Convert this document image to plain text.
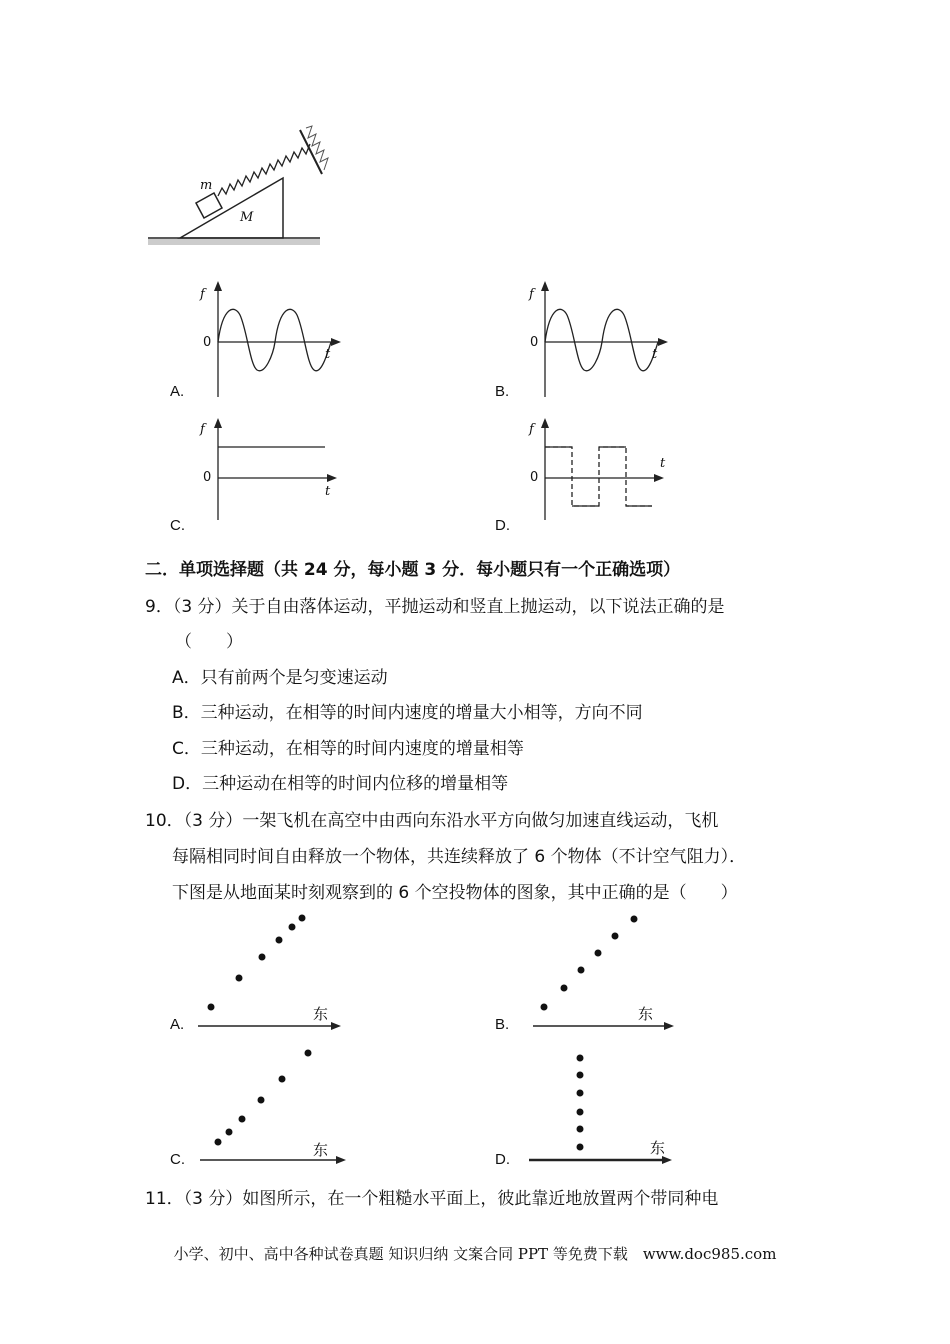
m
M
f
0
t
A.
f
0
t
B.
f
0
t
C.
f
0
t
D.
二．单项选择题（共 24 分，每小题 3 分．每小题只有一个正确选项）
9．（3 分）关于自由落体运动，平抛运动和竖直上抛运动，以下说法正确的是
（　　）
A．只有前两个是匀变速运动
B．三种运动，在相等的时间内速度的增量大小相等，方向不同
C．三种运动，在相等的时间内速度的增量相等
D．三种运动在相等的时间内位移的增量相等
10．（3 分）一架飞机在高空中由西向东沿水平方向做匀加速直线运动，飞机
每隔相同时间自由释放一个物体，共连续释放了 6 个物体（不计空气阻力）．
下图是从地面某时刻观察到的 6 个空投物体的图象，其中正确的是（　　）
东
A.
东
B.
东
C.
东
D.
11．（3 分）如图所示，在一个粗糙水平面上，彼此靠近地放置两个带同种电
小学、初中、高中各种试卷真题 知识归纳 文案合同 PPT 等免费下载　www.doc985.com
